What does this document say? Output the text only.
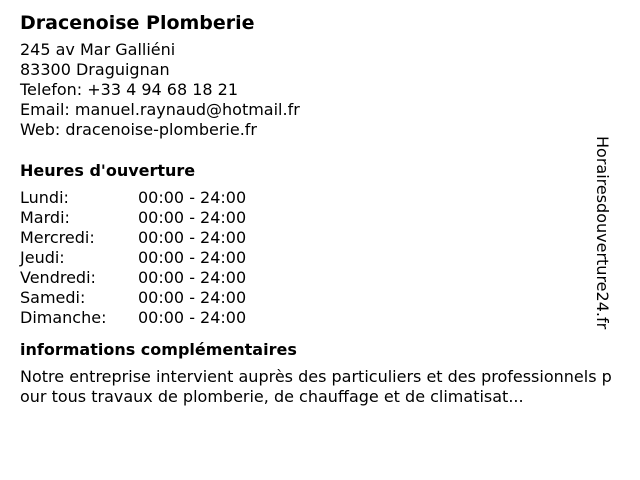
Dracenoise Plomberie
245 av Mar Galliéni
83300 Draguignan
Telefon: +33 4 94 68 18 21
Email: manuel.raynaud@hotmail.fr
Web: dracenoise-plomberie.fr
Heures d'ouverture
Lundi:	00:00 - 24:00
Mardi:	00:00 - 24:00
Mercredi:	00:00 - 24:00
Jeudi:	00:00 - 24:00
Vendredi:	00:00 - 24:00
Samedi:	00:00 - 24:00
Dimanche:	00:00 - 24:00
informations complémentaires
Notre entreprise intervient auprès des particuliers et des professionnels pour tous travaux de plomberie, de chauffage et de climatisat...
Horairesdouverture24.fr
